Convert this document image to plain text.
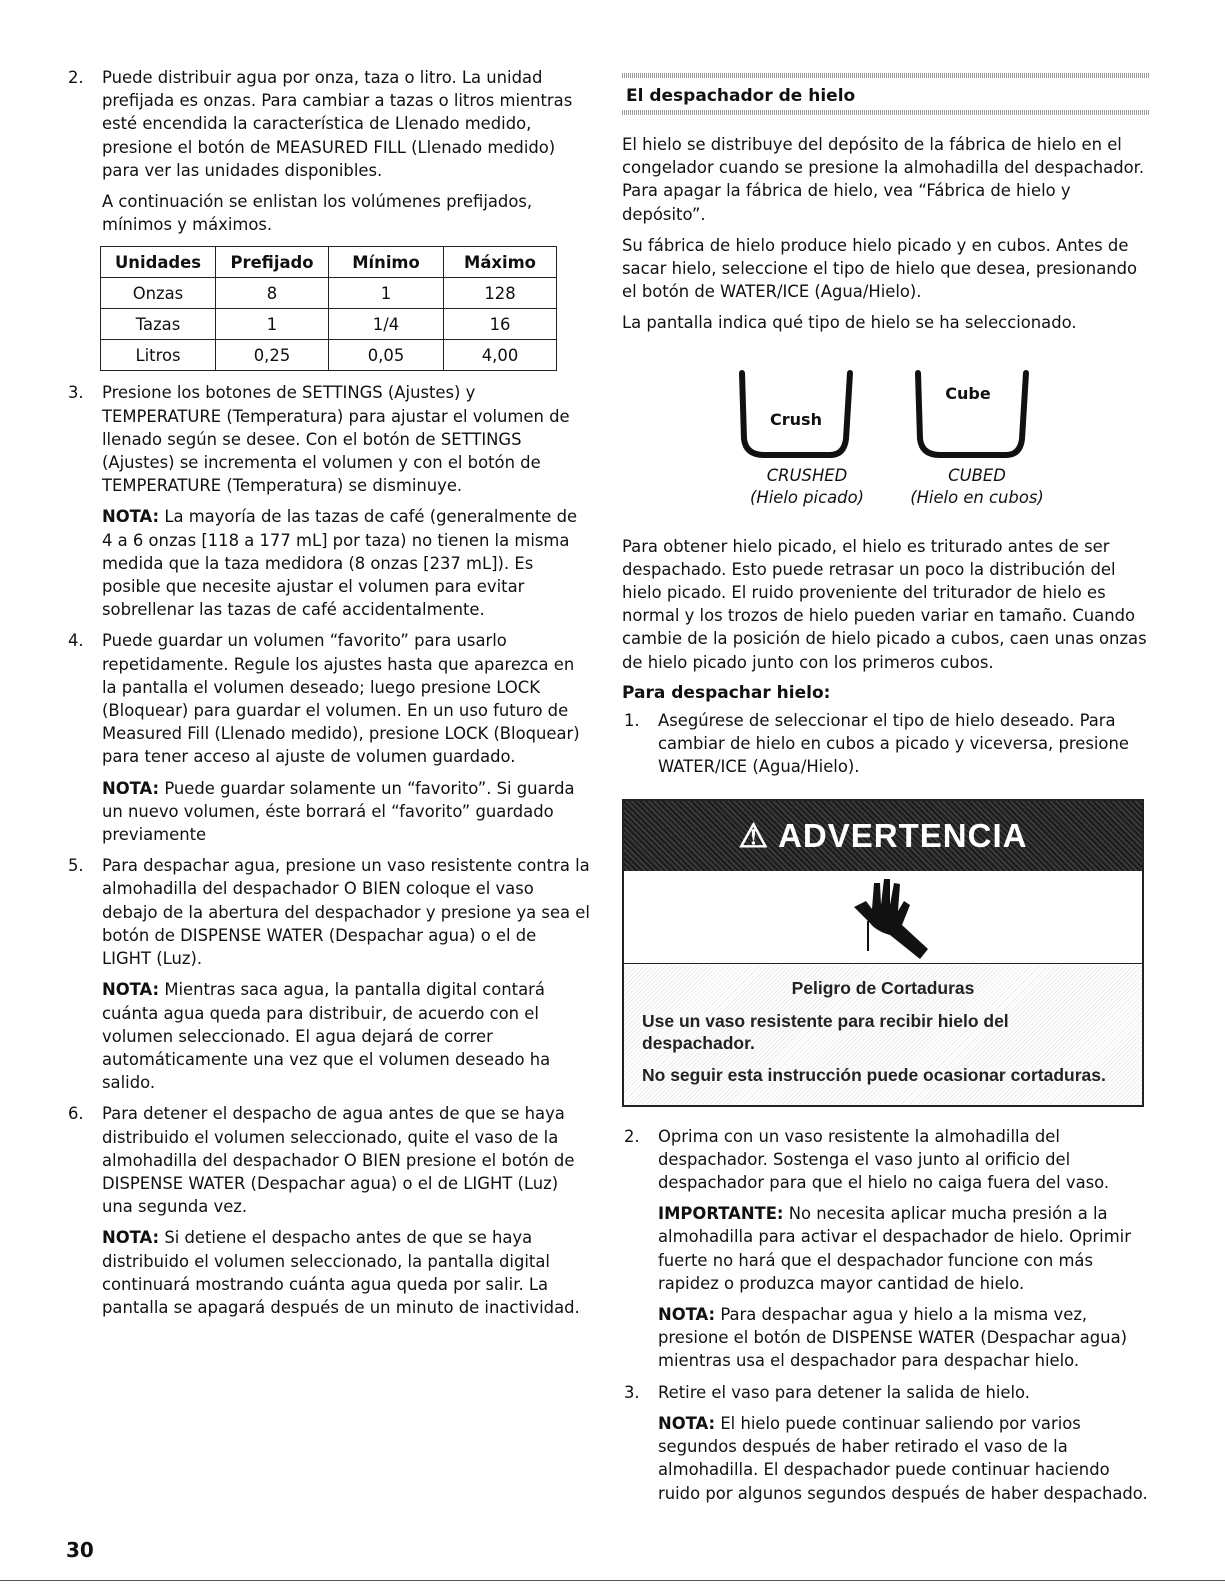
2. Puede distribuir agua por onza, taza o litro. La unidad prefijada es onzas. Para cambiar a tazas o litros mientras esté encendida la característica de Llenado medido, presione el botón de MEASURED FILL (Llenado medido) para ver las unidades disponibles.

A continuación se enlistan los volúmenes prefijados, mínimos y máximos.

Unidades	Prefijado	Mínimo	Máximo
Onzas	8	1	128
Tazas	1	1/4	16
Litros	0,25	0,05	4,00
3. Presione los botones de SETTINGS (Ajustes) y TEMPERATURE (Temperatura) para ajustar el volumen de llenado según se desee. Con el botón de SETTINGS (Ajustes) se incrementa el volumen y con el botón de TEMPERATURE (Temperatura) se disminuye.

NOTA: La mayoría de las tazas de café (generalmente de 4 a 6 onzas [118 a 177 mL] por taza) no tienen la misma medida que la taza medidora (8 onzas [237 mL]). Es posible que necesite ajustar el volumen para evitar sobrellenar las tazas de café accidentalmente.

4. Puede guardar un volumen “favorito” para usarlo repetidamente. Regule los ajustes hasta que aparezca en la pantalla el volumen deseado; luego presione LOCK (Bloquear) para guardar el volumen. En un uso futuro de Measured Fill (Llenado medido), presione LOCK (Bloquear) para tener acceso al ajuste de volumen guardado.

NOTA: Puede guardar solamente un “favorito”. Si guarda un nuevo volumen, éste borrará el “favorito” guardado previamente

5. Para despachar agua, presione un vaso resistente contra la almohadilla del despachador O BIEN coloque el vaso debajo de la abertura del despachador y presione ya sea el botón de DISPENSE WATER (Despachar agua) o el de LIGHT (Luz).

NOTA: Mientras saca agua, la pantalla digital contará cuánta agua queda para distribuir, de acuerdo con el volumen seleccionado. El agua dejará de correr automáticamente una vez que el volumen deseado ha salido.

6. Para detener el despacho de agua antes de que se haya distribuido el volumen seleccionado, quite el vaso de la almohadilla del despachador O BIEN presione el botón de DISPENSE WATER (Despachar agua) o el de LIGHT (Luz) una segunda vez.

NOTA: Si detiene el despacho antes de que se haya distribuido el volumen seleccionado, la pantalla digital continuará mostrando cuánta agua queda por salir. La pantalla se apagará después de un minuto de inactividad.

El despachador de hielo

El hielo se distribuye del depósito de la fábrica de hielo en el congelador cuando se presione la almohadilla del despachador. Para apagar la fábrica de hielo, vea “Fábrica de hielo y depósito”.

Su fábrica de hielo produce hielo picado y en cubos. Antes de sacar hielo, seleccione el tipo de hielo que desea, presionando el botón de WATER/ICE (Agua/Hielo).

La pantalla indica qué tipo de hielo se ha seleccionado.

Crush
Cube
CRUSHED
(Hielo picado)
CUBED
(Hielo en cubos)

Para obtener hielo picado, el hielo es triturado antes de ser despachado. Esto puede retrasar un poco la distribución del hielo picado. El ruido proveniente del triturador de hielo es normal y los trozos de hielo pueden variar en tamaño. Cuando cambie de la posición de hielo picado a cubos, caen unas onzas de hielo picado junto con los primeros cubos.

Para despachar hielo:

1. Asegúrese de seleccionar el tipo de hielo deseado. Para cambiar de hielo en cubos a picado y viceversa, presione WATER/ICE (Agua/Hielo).

⚠ ADVERTENCIA
Peligro de Cortaduras
Use un vaso resistente para recibir hielo del despachador.
No seguir esta instrucción puede ocasionar cortaduras.
2. Oprima con un vaso resistente la almohadilla del despachador. Sostenga el vaso junto al orificio del despachador para que el hielo no caiga fuera del vaso.

IMPORTANTE: No necesita aplicar mucha presión a la almohadilla para activar el despachador de hielo. Oprimir fuerte no hará que el despachador funcione con más rapidez o produzca mayor cantidad de hielo.

NOTA: Para despachar agua y hielo a la misma vez, presione el botón de DISPENSE WATER (Despachar agua) mientras usa el despachador para despachar hielo.

3. Retire el vaso para detener la salida de hielo.

NOTA: El hielo puede continuar saliendo por varios segundos después de haber retirado el vaso de la almohadilla. El despachador puede continuar haciendo ruido por algunos segundos después de haber despachado.

30
